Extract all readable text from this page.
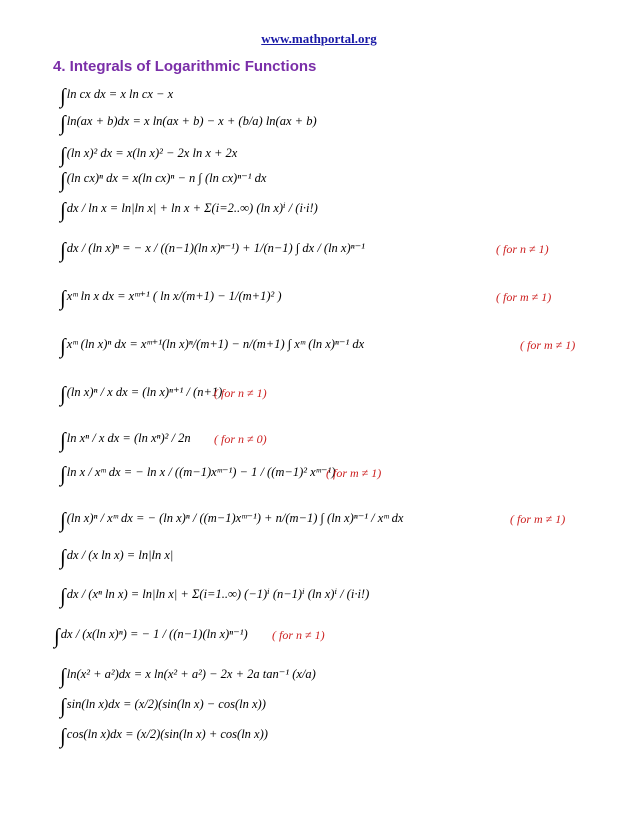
www.mathportal.org
4. Integrals of Logarithmic Functions
∫ln cx dx = x ln cx − x
∫ln(ax + b)dx = x ln(ax + b) − x + (b/a) ln(ax + b)
∫(ln x)² dx = x(ln x)² − 2x ln x + 2x
∫(ln cx)ⁿ dx = x(ln cx)ⁿ − n ∫ (ln cx)ⁿ⁻¹ dx
∫dx / ln x = ln|ln x| + ln x + Σ(i=2..∞) (ln x)ⁱ / (i·i!)
∫dx / (ln x)ⁿ = − x / ((n−1)(ln x)ⁿ⁻¹) + 1/(n−1) ∫ dx / (ln x)ⁿ⁻¹	( for n ≠ 1)
∫xᵐ ln x dx = xᵐ⁺¹ ( ln x/(m+1) − 1/(m+1)² )	( for m ≠ 1)
∫xᵐ (ln x)ⁿ dx = xᵐ⁺¹(ln x)ⁿ/(m+1) − n/(m+1) ∫ xᵐ (ln x)ⁿ⁻¹ dx	( for m ≠ 1)
∫(ln x)ⁿ / x dx = (ln x)ⁿ⁺¹ / (n+1)
( for n ≠ 1)
∫ln xⁿ / x dx = (ln xⁿ)² / 2n ( for n ≠ 0)
∫ln x / xᵐ dx = − ln x / ((m−1)xᵐ⁻¹) − 1 / ((m−1)² xᵐ⁻¹)
( for m ≠ 1)
∫(ln x)ⁿ / xᵐ dx = − (ln x)ⁿ / ((m−1)xᵐ⁻¹) + n/(m−1) ∫ (ln x)ⁿ⁻¹ / xᵐ dx	( for m ≠ 1)
∫dx / (x ln x) = ln|ln x|
∫dx / (xⁿ ln x) = ln|ln x| + Σ(i=1..∞) (−1)ⁱ (n−1)ⁱ (ln x)ⁱ / (i·i!)
∫dx / (x(ln x)ⁿ) = − 1 / ((n−1)(ln x)ⁿ⁻¹) ( for n ≠ 1)
∫ln(x² + a²)dx = x ln(x² + a²) − 2x + 2a tan⁻¹ (x/a)
∫sin(ln x)dx = (x/2)(sin(ln x) − cos(ln x))
∫cos(ln x)dx = (x/2)(sin(ln x) + cos(ln x))
